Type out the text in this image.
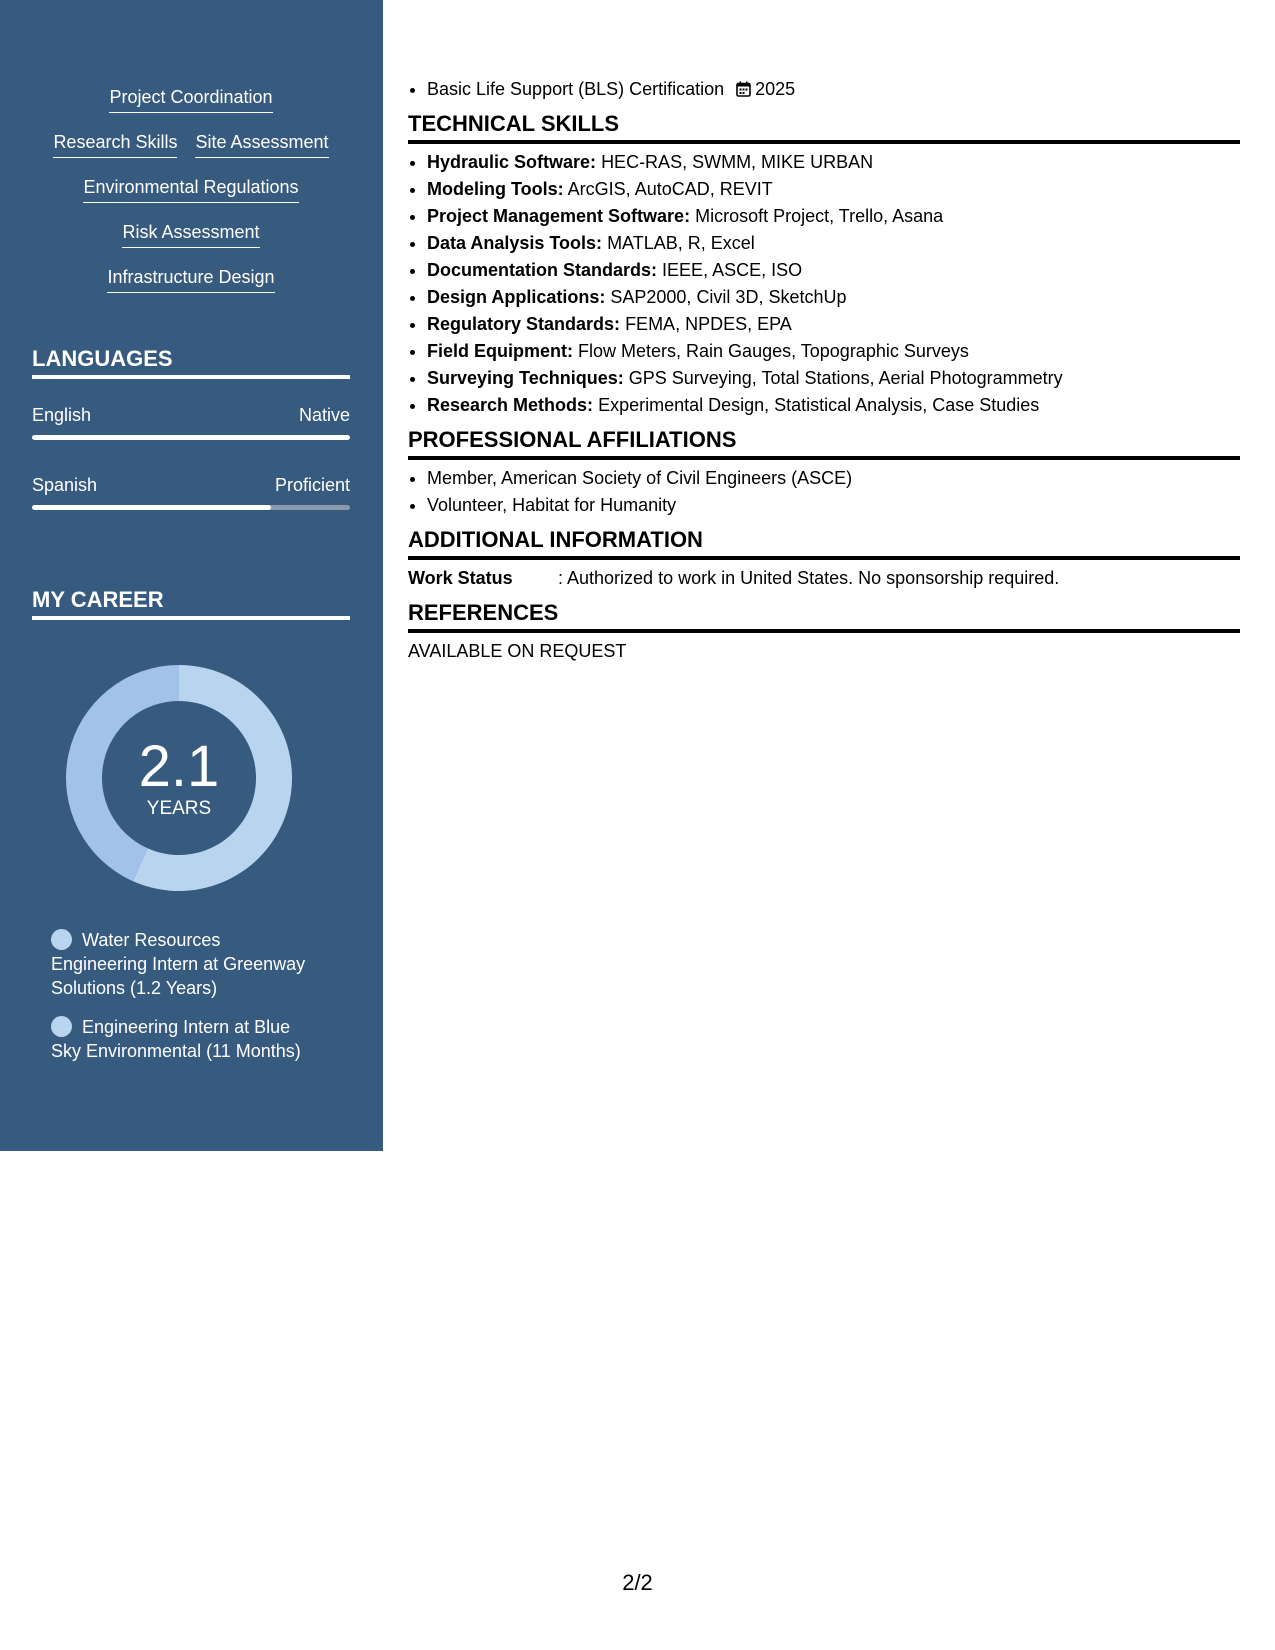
Project Coordination
Research Skills Site Assessment
Environmental Regulations
Risk Assessment
Infrastructure Design
LANGUAGES
English	Native
Spanish	Proficient
MY CAREER
2.1
YEARS
Water Resources Engineering Intern at Greenway Solutions (1.2 Years)
Engineering Intern at Blue Sky Environmental (11 Months)
• Basic Life Support (BLS) Certification 2025
TECHNICAL SKILLS
• Hydraulic Software: HEC-RAS, SWMM, MIKE URBAN
• Modeling Tools: ArcGIS, AutoCAD, REVIT
• Project Management Software: Microsoft Project, Trello, Asana
• Data Analysis Tools: MATLAB, R, Excel
• Documentation Standards: IEEE, ASCE, ISO
• Design Applications: SAP2000, Civil 3D, SketchUp
• Regulatory Standards: FEMA, NPDES, EPA
• Field Equipment: Flow Meters, Rain Gauges, Topographic Surveys
• Surveying Techniques: GPS Surveying, Total Stations, Aerial Photogrammetry
• Research Methods: Experimental Design, Statistical Analysis, Case Studies
PROFESSIONAL AFFILIATIONS
• Member, American Society of Civil Engineers (ASCE)
• Volunteer, Habitat for Humanity
ADDITIONAL INFORMATION
Work Status	: Authorized to work in United States. No sponsorship required.
REFERENCES
AVAILABLE ON REQUEST
2/2
